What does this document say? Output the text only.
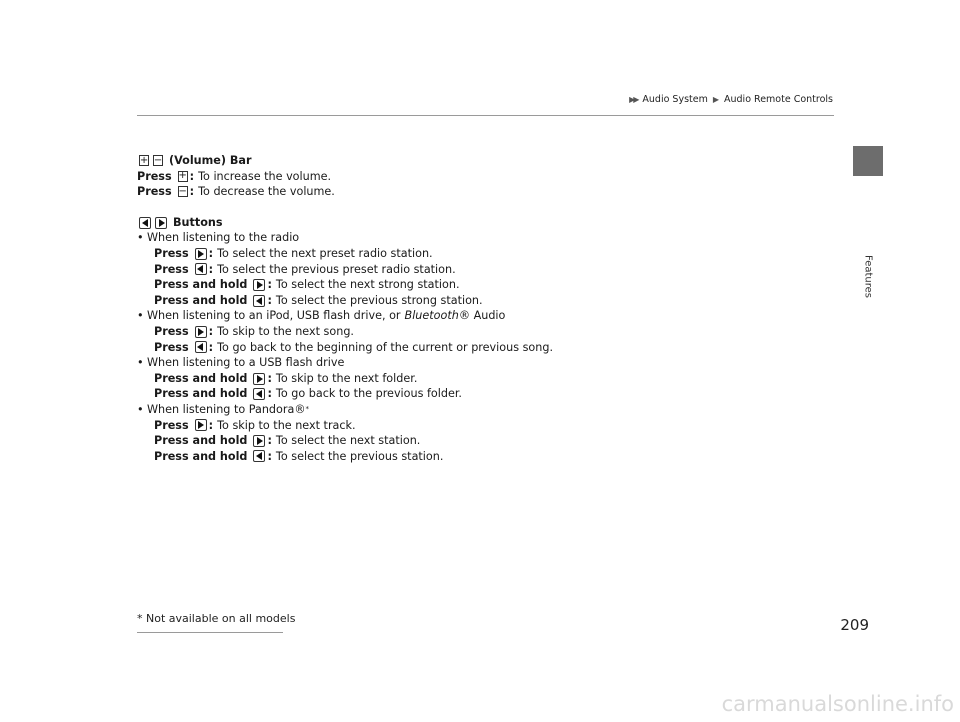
▶▶ Audio System ▶ Audio Remote Controls
Features
+ − (Volume) Bar
Press + : To increase the volume.
Press − : To decrease the volume.
Buttons
• When listening to the radio
Press : To select the next preset radio station.
Press : To select the previous preset radio station.
Press and hold : To select the next strong station.
Press and hold : To select the previous strong station.
• When listening to an iPod, USB flash drive, or Bluetooth ® Audio
Press : To skip to the next song.
Press : To go back to the beginning of the current or previous song.
• When listening to a USB flash drive
Press and hold : To skip to the next folder.
Press and hold : To go back to the previous folder.
• When listening to Pandora® *
Press : To skip to the next track.
Press and hold : To select the next station.
Press and hold : To select the previous station.
* Not available on all models	209
carmanualsonline.info
